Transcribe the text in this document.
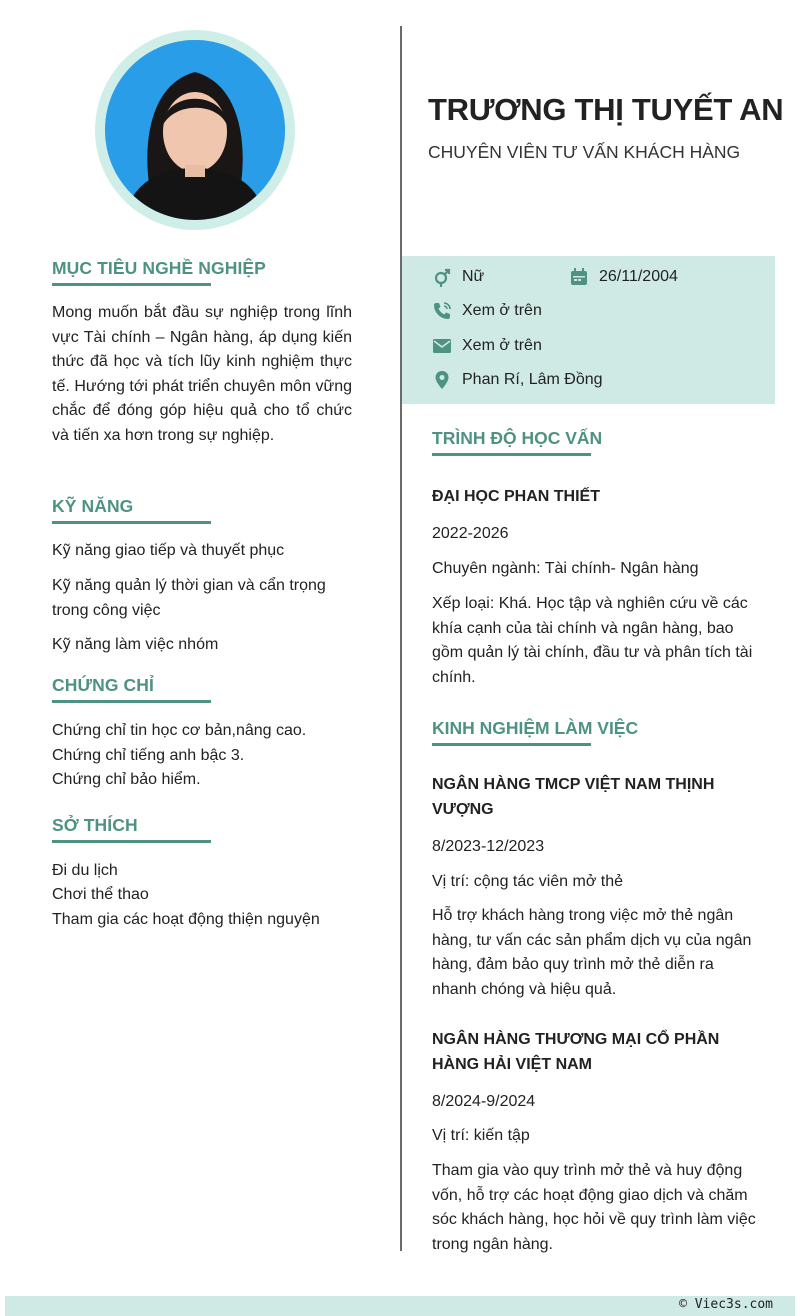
MỤC TIÊU NGHỀ NGHIỆP
Mong muốn bắt đầu sự nghiệp trong lĩnh vực Tài chính – Ngân hàng, áp dụng kiến thức đã học và tích lũy kinh nghiệm thực tế. Hướng tới phát triển chuyên môn vững chắc để đóng góp hiệu quả cho tổ chức và tiến xa hơn trong sự nghiệp.
KỸ NĂNG
Kỹ năng giao tiếp và thuyết phục
Kỹ năng quản lý thời gian và cẩn trọng trong công việc
Kỹ năng làm việc nhóm
CHỨNG CHỈ
Chứng chỉ tin học cơ bản,nâng cao.
Chứng chỉ tiếng anh bậc 3.
Chứng chỉ bảo hiểm.
SỞ THÍCH
Đi du lịch
Chơi thể thao
Tham gia các hoạt động thiện nguyện
TRƯƠNG THỊ TUYẾT AN
CHUYÊN VIÊN TƯ VẤN KHÁCH HÀNG
Nữ	26/11/2004
Xem ở trên
Xem ở trên
Phan Rí, Lâm Đồng
TRÌNH ĐỘ HỌC VẤN
ĐẠI HỌC PHAN THIẾT
2022-2026
Chuyên ngành: Tài chính- Ngân hàng
Xếp loại: Khá. Học tập và nghiên cứu về các khía cạnh của tài chính và ngân hàng, bao gồm quản lý tài chính, đầu tư và phân tích tài chính.
KINH NGHIỆM LÀM VIỆC
NGÂN HÀNG TMCP VIỆT NAM THỊNH VƯỢNG
8/2023-12/2023
Vị trí: cộng tác viên mở thẻ
Hỗ trợ khách hàng trong việc mở thẻ ngân hàng, tư vấn các sản phẩm dịch vụ của ngân hàng, đảm bảo quy trình mở thẻ diễn ra nhanh chóng và hiệu quả.
NGÂN HÀNG THƯƠNG MẠI CỔ PHẦN HÀNG HẢI VIỆT NAM
8/2024-9/2024
Vị trí: kiến tập
Tham gia vào quy trình mở thẻ và huy động vốn, hỗ trợ các hoạt động giao dịch và chăm sóc khách hàng, học hỏi về quy trình làm việc trong ngân hàng.
© Viec3s.com
